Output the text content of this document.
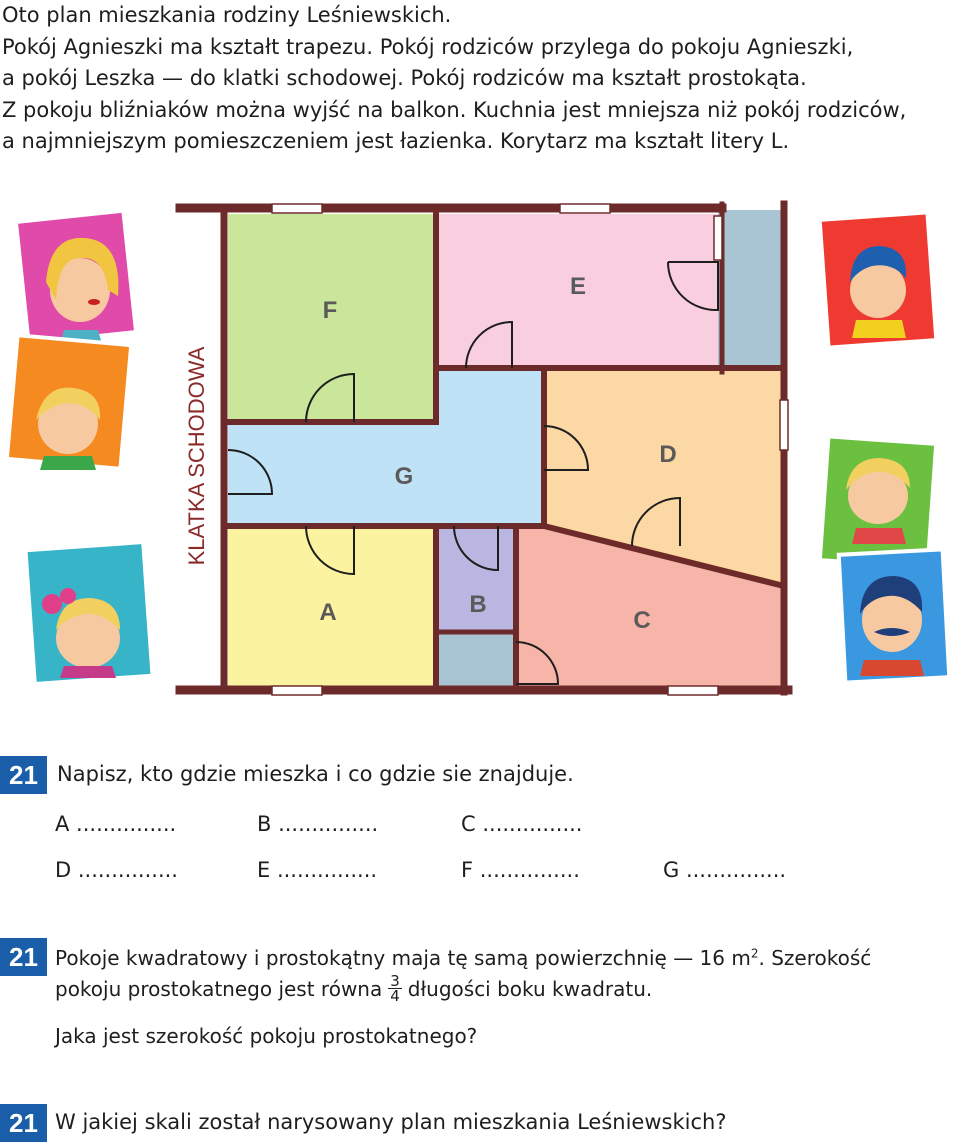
Oto plan mieszkania rodziny Leśniewskich.

Pokój Agnieszki ma kształt trapezu. Pokój rodziców przylega do pokoju Agnieszki,

a pokój Leszka — do klatki schodowej. Pokój rodziców ma kształt prostokąta.

Z pokoju bliźniaków można wyjść na balkon. Kuchnia jest mniejsza niż pokój rodziców,

a najmniejszym pomieszczeniem jest łazienka. Korytarz ma kształt litery L.

F
E
G
D
A	B
C
KLATKA SCHODOWA
21 Napisz, kto gdzie mieszka i co gdzie sie znajduje.
A ...............	B ...............	C ...............
D ...............	E ...............	F ...............	G ...............
21 Pokoje kwadratowy i prostokątny maja tę samą powierzchnię — 16 $m^2$. Szerokość
pokoju prostokatnego jest równa $\frac{3}{4}$ długości boku kwadratu.
Jaka jest szerokość pokoju prostokatnego?
21 W jakiej skali został narysowany plan mieszkania Leśniewskich?
